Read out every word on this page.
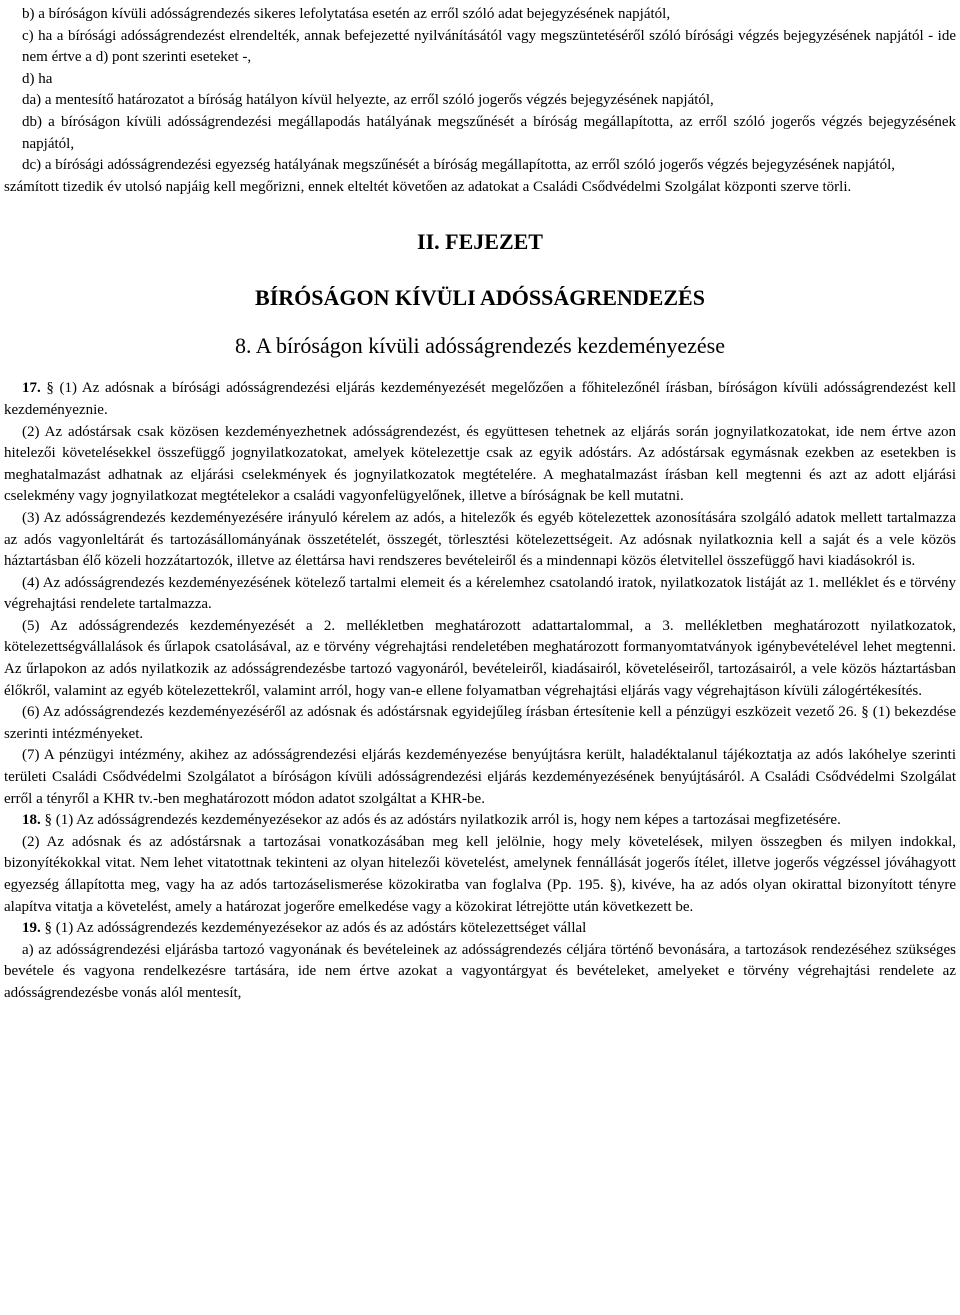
b) a bíróságon kívüli adósságrendezés sikeres lefolytatása esetén az erről szóló adat bejegyzésének napjától,

c) ha a bírósági adósságrendezést elrendelték, annak befejezetté nyilvánításától vagy megszüntetéséről szóló bírósági végzés bejegyzésének napjától - ide nem értve a d) pont szerinti eseteket -,

d) ha

da) a mentesítő határozatot a bíróság hatályon kívül helyezte, az erről szóló jogerős végzés bejegyzésének napjától,

db) a bíróságon kívüli adósságrendezési megállapodás hatályának megszűnését a bíróság megállapította, az erről szóló jogerős végzés bejegyzésének napjától,

dc) a bírósági adósságrendezési egyezség hatályának megszűnését a bíróság megállapította, az erről szóló jogerős végzés bejegyzésének napjától,

számított tizedik év utolsó napjáig kell megőrizni, ennek elteltét követően az adatokat a Családi Csődvédelmi Szolgálat központi szerve törli.

II. FEJEZET
BÍRÓSÁGON KÍVÜLI ADÓSSÁGRENDEZÉS
8. A bíróságon kívüli adósságrendezés kezdeményezése

17. § (1) Az adósnak a bírósági adósságrendezési eljárás kezdeményezését megelőzően a főhitelezőnél írásban, bíróságon kívüli adósságrendezést kell kezdeményeznie.

(2) Az adóstársak csak közösen kezdeményezhetnek adósságrendezést, és együttesen tehetnek az eljárás során jognyilatkozatokat, ide nem értve azon hitelezői követelésekkel összefüggő jognyilatkozatokat, amelyek kötelezettje csak az egyik adóstárs. Az adóstársak egymásnak ezekben az esetekben is meghatalmazást adhatnak az eljárási cselekmények és jognyilatkozatok megtételére. A meghatalmazást írásban kell megtenni és azt az adott eljárási cselekmény vagy jognyilatkozat megtételekor a családi vagyonfelügyelőnek, illetve a bíróságnak be kell mutatni.

(3) Az adósságrendezés kezdeményezésére irányuló kérelem az adós, a hitelezők és egyéb kötelezettek azonosítására szolgáló adatok mellett tartalmazza az adós vagyonleltárát és tartozásállományának összetételét, összegét, törlesztési kötelezettségeit. Az adósnak nyilatkoznia kell a saját és a vele közös háztartásban élő közeli hozzátartozók, illetve az élettársa havi rendszeres bevételeiről és a mindennapi közös életvitellel összefüggő havi kiadásokról is.

(4) Az adósságrendezés kezdeményezésének kötelező tartalmi elemeit és a kérelemhez csatolandó iratok, nyilatkozatok listáját az 1. melléklet és e törvény végrehajtási rendelete tartalmazza.

(5) Az adósságrendezés kezdeményezését a 2. mellékletben meghatározott adattartalommal, a 3. mellékletben meghatározott nyilatkozatok, kötelezettségvállalások és űrlapok csatolásával, az e törvény végrehajtási rendeletében meghatározott formanyomtatványok igénybevételével lehet megtenni. Az űrlapokon az adós nyilatkozik az adósságrendezésbe tartozó vagyonáról, bevételeiről, kiadásairól, követeléseiről, tartozásairól, a vele közös háztartásban élőkről, valamint az egyéb kötelezettekről, valamint arról, hogy van-e ellene folyamatban végrehajtási eljárás vagy végrehajtáson kívüli zálogértékesítés.

(6) Az adósságrendezés kezdeményezéséről az adósnak és adóstársnak egyidejűleg írásban értesítenie kell a pénzügyi eszközeit vezető 26. § (1) bekezdése szerinti intézményeket.

(7) A pénzügyi intézmény, akihez az adósságrendezési eljárás kezdeményezése benyújtásra került, haladéktalanul tájékoztatja az adós lakóhelye szerinti területi Családi Csődvédelmi Szolgálatot a bíróságon kívüli adósságrendezési eljárás kezdeményezésének benyújtásáról. A Családi Csődvédelmi Szolgálat erről a tényről a KHR tv.-ben meghatározott módon adatot szolgáltat a KHR-be.

18. § (1) Az adósságrendezés kezdeményezésekor az adós és az adóstárs nyilatkozik arról is, hogy nem képes a tartozásai megfizetésére.

(2) Az adósnak és az adóstársnak a tartozásai vonatkozásában meg kell jelölnie, hogy mely követelések, milyen összegben és milyen indokkal, bizonyítékokkal vitat. Nem lehet vitatottnak tekinteni az olyan hitelezői követelést, amelynek fennállását jogerős ítélet, illetve jogerős végzéssel jóváhagyott egyezség állapította meg, vagy ha az adós tartozáselismerése közokiratba van foglalva (Pp. 195. §), kivéve, ha az adós olyan okirattal bizonyított tényre alapítva vitatja a követelést, amely a határozat jogerőre emelkedése vagy a közokirat létrejötte után következett be.

19. § (1) Az adósságrendezés kezdeményezésekor az adós és az adóstárs kötelezettséget vállal

a) az adósságrendezési eljárásba tartozó vagyonának és bevételeinek az adósságrendezés céljára történő bevonására, a tartozások rendezéséhez szükséges bevétele és vagyona rendelkezésre tartására, ide nem értve azokat a vagyontárgyat és bevételeket, amelyeket e törvény végrehajtási rendelete az adósságrendezésbe vonás alól mentesít,
